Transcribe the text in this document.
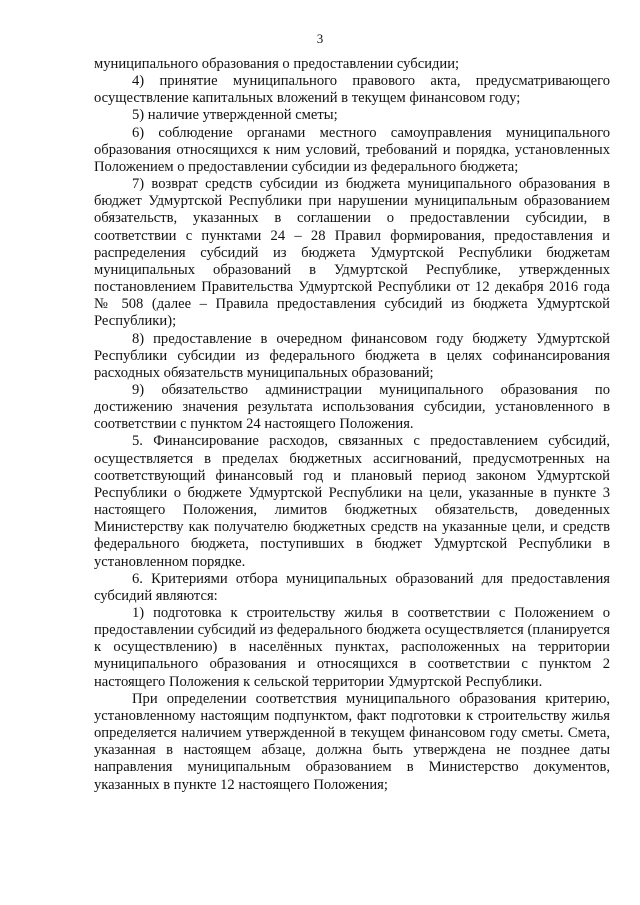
3

муниципального образования о предоставлении субсидии;

4) принятие муниципального правового акта, предусматривающего осуществление капитальных вложений в текущем финансовом году;

5) наличие утвержденной сметы;

6) соблюдение органами местного самоуправления муниципального образования относящихся к ним условий, требований и порядка, установленных Положением о предоставлении субсидии из федерального бюджета;

7) возврат средств субсидии из бюджета муниципального образования в бюджет Удмуртской Республики при нарушении муниципальным образованием обязательств, указанных в соглашении о предоставлении субсидии, в соответствии с пунктами 24 – 28 Правил формирования, предоставления и распределения субсидий из бюджета Удмуртской Республики бюджетам муниципальных образований в Удмуртской Республике, утвержденных постановлением Правительства Удмуртской Республики от 12 декабря 2016 года № 508 (далее – Правила предоставления субсидий из бюджета Удмуртской Республики);

8) предоставление в очередном финансовом году бюджету Удмуртской Республики субсидии из федерального бюджета в целях софинансирования расходных обязательств муниципальных образований;

9) обязательство администрации муниципального образования по достижению значения результата использования субсидии, установленного в соответствии с пунктом 24 настоящего Положения.

5. Финансирование расходов, связанных с предоставлением субсидий, осуществляется в пределах бюджетных ассигнований, предусмотренных на соответствующий финансовый год и плановый период законом Удмуртской Республики о бюджете Удмуртской Республики на цели, указанные в пункте 3 настоящего Положения, лимитов бюджетных обязательств, доведенных Министерству как получателю бюджетных средств на указанные цели, и средств федерального бюджета, поступивших в бюджет Удмуртской Республики в установленном порядке.

6. Критериями отбора муниципальных образований для предоставления субсидий являются:

1) подготовка к строительству жилья в соответствии с Положением о предоставлении субсидий из федерального бюджета осуществляется (планируется к осуществлению) в населённых пунктах, расположенных на территории муниципального образования и относящихся в соответствии с пунктом 2 настоящего Положения к сельской территории Удмуртской Республики.

При определении соответствия муниципального образования критерию, установленному настоящим подпунктом, факт подготовки к строительству жилья определяется наличием утвержденной в текущем финансовом году сметы. Смета, указанная в настоящем абзаце, должна быть утверждена не позднее даты направления муниципальным образованием в Министерство документов, указанных в пункте 12 настоящего Положения;
